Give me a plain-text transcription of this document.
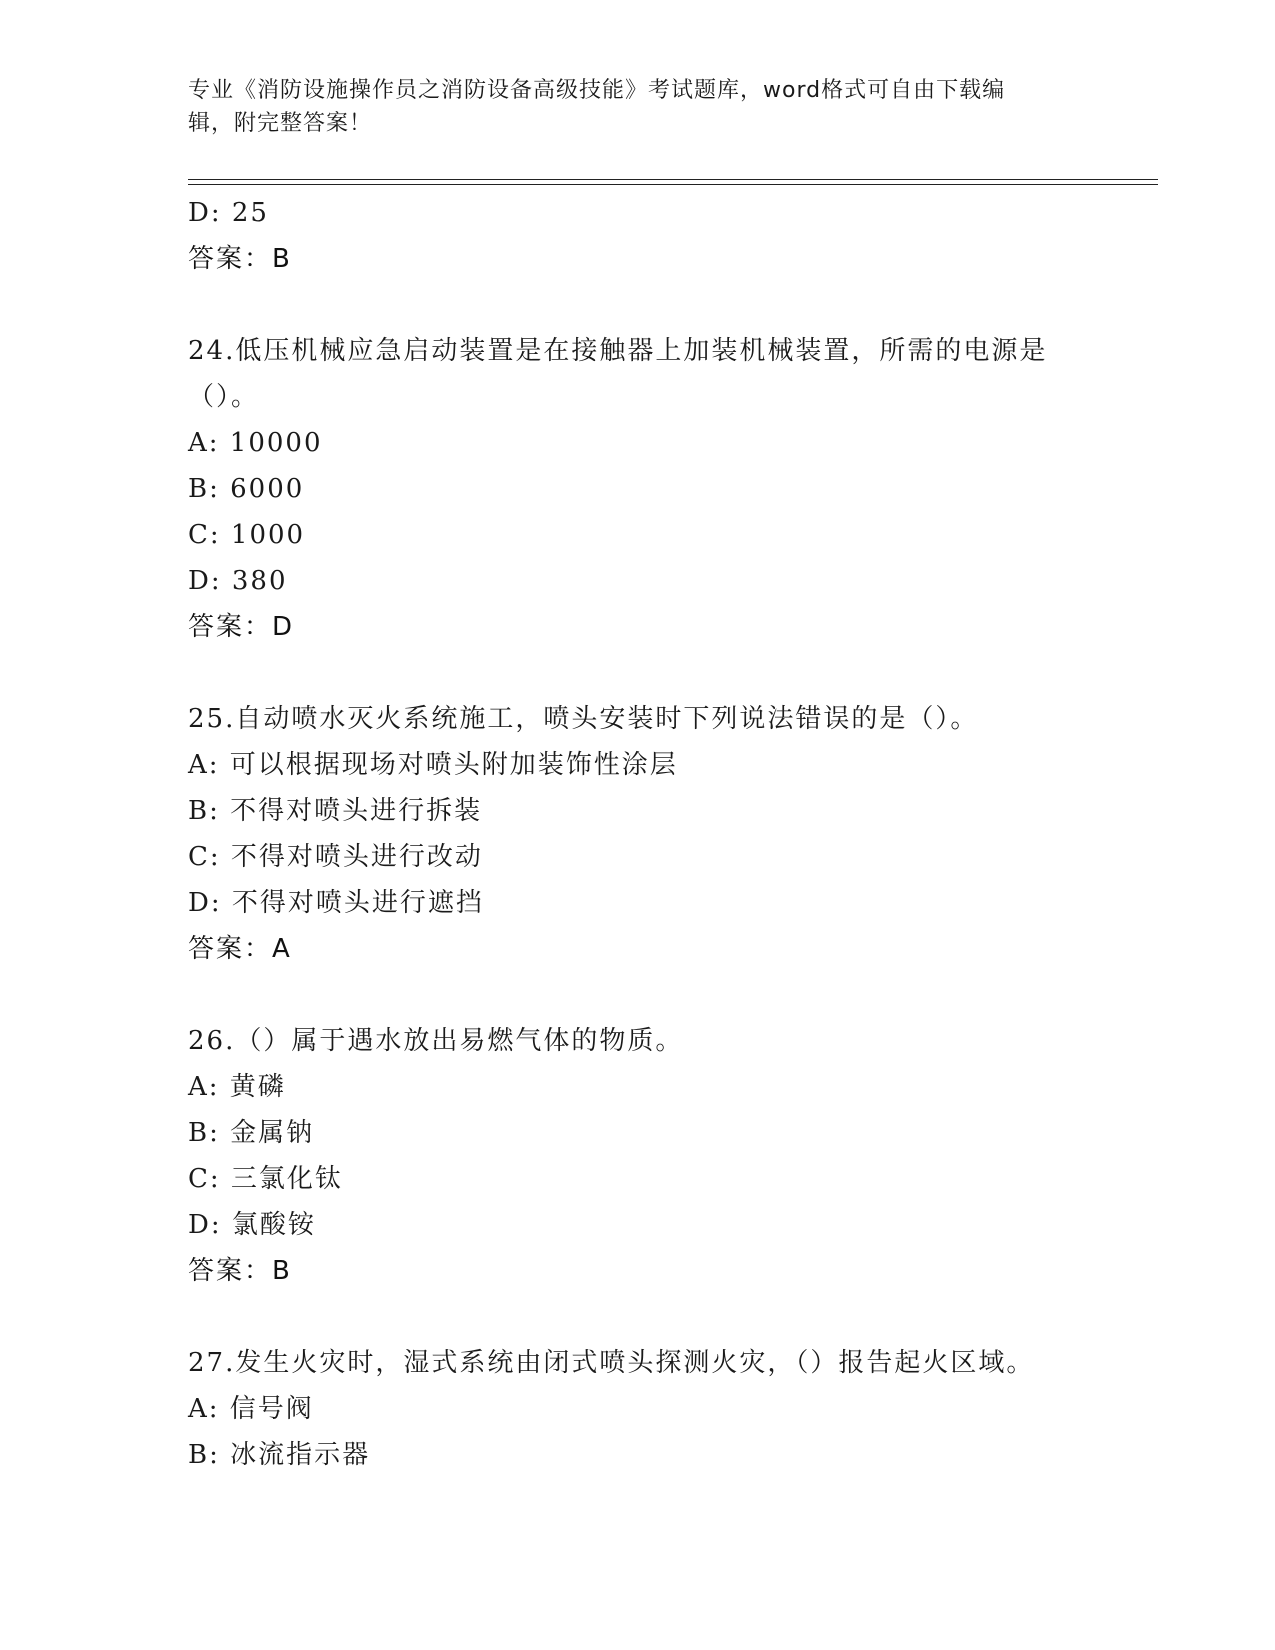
专业《消防设施操作员之消防设备高级技能》考试题库，word格式可自由下载编
辑，附完整答案！
D: 25
答案：B
24.低压机械应急启动装置是在接触器上加装机械装置，所需的电源是
（）。
A: 10000
B: 6000
C: 1000
D: 380
答案：D
25.自动喷水灭火系统施工，喷头安装时下列说法错误的是（）。
A: 可以根据现场对喷头附加装饰性涂层
B: 不得对喷头进行拆装
C: 不得对喷头进行改动
D: 不得对喷头进行遮挡
答案：A
26.（）属于遇水放出易燃气体的物质。
A: 黄磷
B: 金属钠
C: 三氯化钛
D: 氯酸铵
答案：B
27.发生火灾时，湿式系统由闭式喷头探测火灾，（）报告起火区域。
A: 信号阀
B: 冰流指示器
